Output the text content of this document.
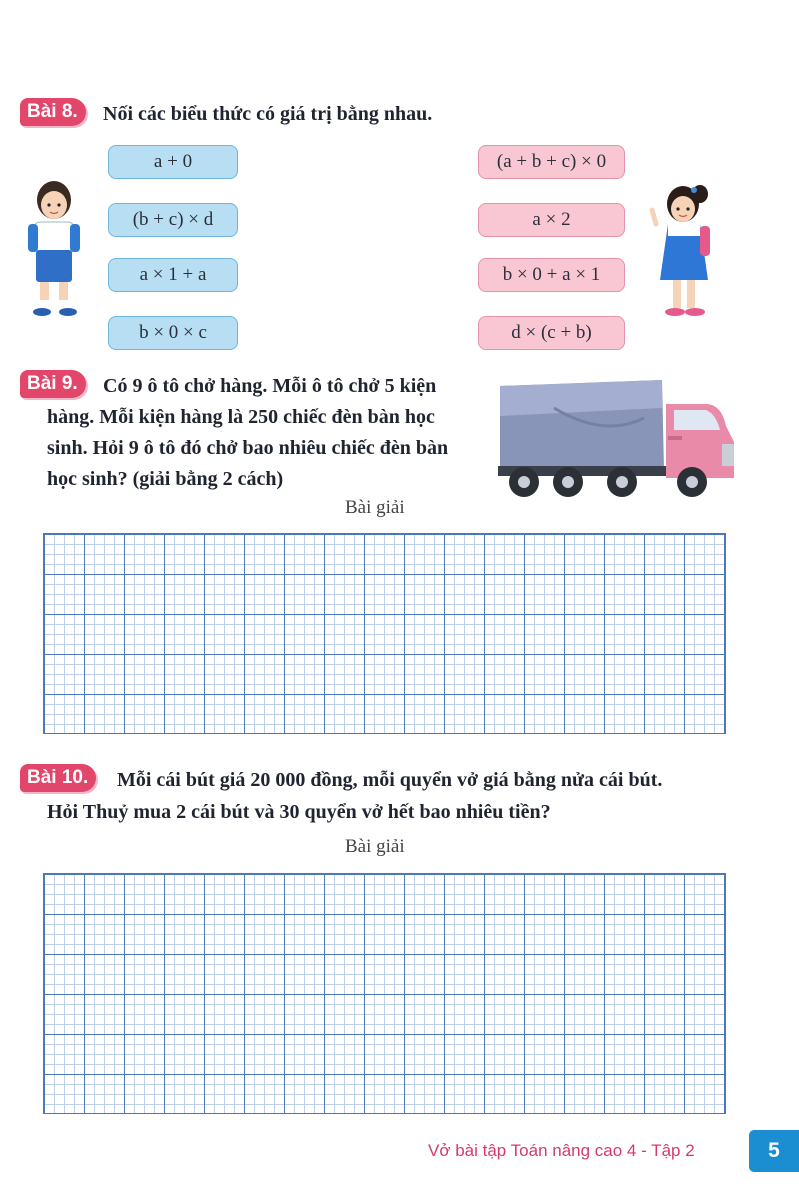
Bài 8.	Nối các biểu thức có giá trị bằng nhau.
a + 0
(b + c) × d
a × 1 + a
b × 0 × c
(a + b + c) × 0
a × 2
b × 0 + a × 1
d × (c + b)
Bài 9.	Có 9 ô tô chở hàng. Mỗi ô tô chở 5 kiện
hàng. Mỗi kiện hàng là 250 chiếc đèn bàn học
sinh. Hỏi 9 ô tô đó chở bao nhiêu chiếc đèn bàn
học sinh? (giải bằng 2 cách)
Bài giải
Bài 10.	Mỗi cái bút giá 20 000 đồng, mỗi quyển vở giá bằng nửa cái bút.
Hỏi Thuỷ mua 2 cái bút và 30 quyển vở hết bao nhiêu tiền?
Bài giải
Vở bài tập Toán nâng cao 4 - Tập 2	5
